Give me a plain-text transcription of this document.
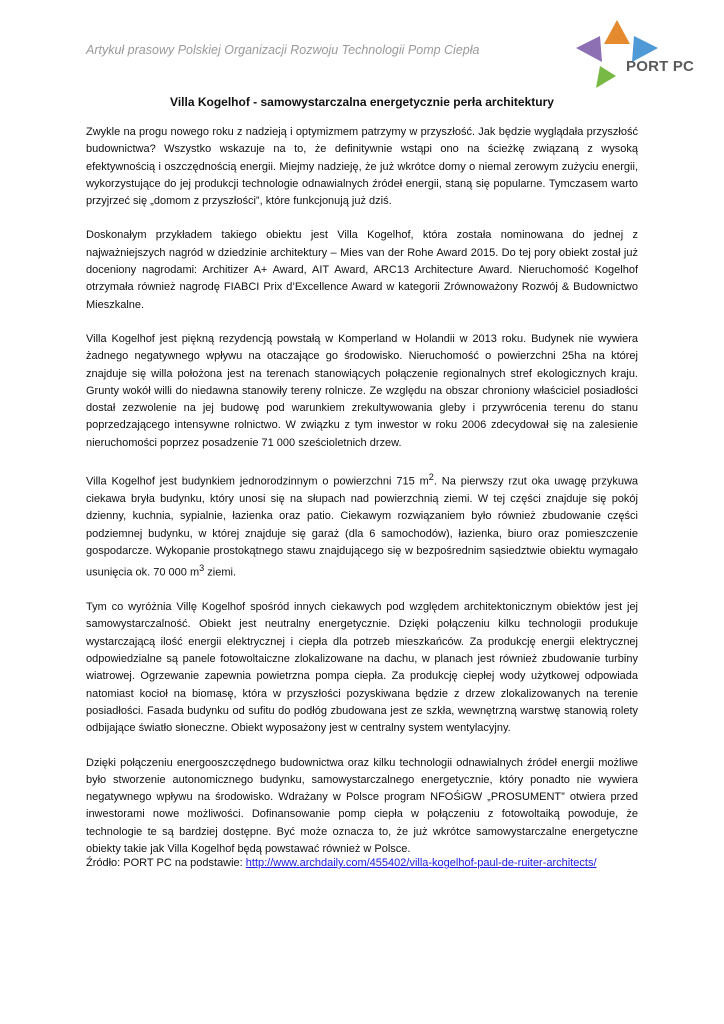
Artykuł prasowy Polskiej Organizacji Rozwoju Technologii Pomp Ciepła
PORT PC
Villa Kogelhof - samowystarczalna energetycznie perła architektury

Zwykle na progu nowego roku z nadzieją i optymizmem patrzymy w przyszłość. Jak będzie wyglądała przyszłość budownictwa? Wszystko wskazuje na to, że definitywnie wstąpi ono na ścieżkę związaną z wysoką efektywnością i oszczędnością energii. Miejmy nadzieję, że już wkrótce domy o niemal zerowym zużyciu energii, wykorzystujące do jej produkcji technologie odnawialnych źródeł energii, staną się popularne. Tymczasem warto przyjrzeć się „domom z przyszłości”, które funkcjonują już dziś.

Doskonałym przykładem takiego obiektu jest Villa Kogelhof, która została nominowana do jednej z najważniejszych nagród w dziedzinie architektury – Mies van der Rohe Award 2015. Do tej pory obiekt został już doceniony nagrodami: Architizer A+ Award, AIT Award, ARC13 Architecture Award. Nieruchomość Kogelhof otrzymała również nagrodę FIABCI Prix d’Excellence Award w kategorii Zrównoważony Rozwój & Budownictwo Mieszkalne.

Villa Kogelhof jest piękną rezydencją powstałą w Komperland w Holandii w 2013 roku. Budynek nie wywiera żadnego negatywnego wpływu na otaczające go środowisko. Nieruchomość o powierzchni 25ha na której znajduje się willa położona jest na terenach stanowiących połączenie regionalnych stref ekologicznych kraju. Grunty wokół willi do niedawna stanowiły tereny rolnicze. Ze względu na obszar chroniony właściciel posiadłości dostał zezwolenie na jej budowę pod warunkiem zrekultywowania gleby i przywrócenia terenu do stanu poprzedzającego intensywne rolnictwo. W związku z tym inwestor w roku 2006 zdecydował się na zalesienie nieruchomości poprzez posadzenie 71 000 sześcioletnich drzew.

Villa Kogelhof jest budynkiem jednorodzinnym o powierzchni 715 $m^2$. Na pierwszy rzut oka uwagę przykuwa ciekawa bryła budynku, który unosi się na słupach nad powierzchnią ziemi. W tej części znajduje się pokój dzienny, kuchnia, sypialnie, łazienka oraz patio. Ciekawym rozwiązaniem było również zbudowanie części podziemnej budynku, w której znajduje się garaż (dla 6 samochodów), łazienka, biuro oraz pomieszczenie gospodarcze. Wykopanie prostokątnego stawu znajdującego się w bezpośrednim sąsiedztwie obiektu wymagało usunięcia ok. 70 000 $m^3$ ziemi.

Tym co wyróżnia Villę Kogelhof spośród innych ciekawych pod względem architektonicznym obiektów jest jej samowystarczalność. Obiekt jest neutralny energetycznie. Dzięki połączeniu kilku technologii produkuje wystarczającą ilość energii elektrycznej i ciepła dla potrzeb mieszkańców. Za produkcję energii elektrycznej odpowiedzialne są panele fotowoltaiczne zlokalizowane na dachu, w planach jest również zbudowanie turbiny wiatrowej. Ogrzewanie zapewnia powietrzna pompa ciepła. Za produkcję ciepłej wody użytkowej odpowiada natomiast kocioł na biomasę, która w przyszłości pozyskiwana będzie z drzew zlokalizowanych na terenie posiadłości. Fasada budynku od sufitu do podłóg zbudowana jest ze szkła, wewnętrzną warstwę stanowią rolety odbijające światło słoneczne. Obiekt wyposażony jest w centralny system wentylacyjny.

Dzięki połączeniu energooszczędnego budownictwa oraz kilku technologii odnawialnych źródeł energii możliwe było stworzenie autonomicznego budynku, samowystarczalnego energetycznie, który ponadto nie wywiera negatywnego wpływu na środowisko. Wdrażany w Polsce program NFOŚiGW „PROSUMENT” otwiera przed inwestorami nowe możliwości. Dofinansowanie pomp ciepła w połączeniu z fotowoltaiką powoduje, że technologie te są bardziej dostępne. Być może oznacza to, że już wkrótce samowystarczalne energetyczne obiekty takie jak Villa Kogelhof będą powstawać również w Polsce.

Źródło: PORT PC na podstawie: http://www.archdaily.com/455402/villa-kogelhof-paul-de-ruiter-architects/
